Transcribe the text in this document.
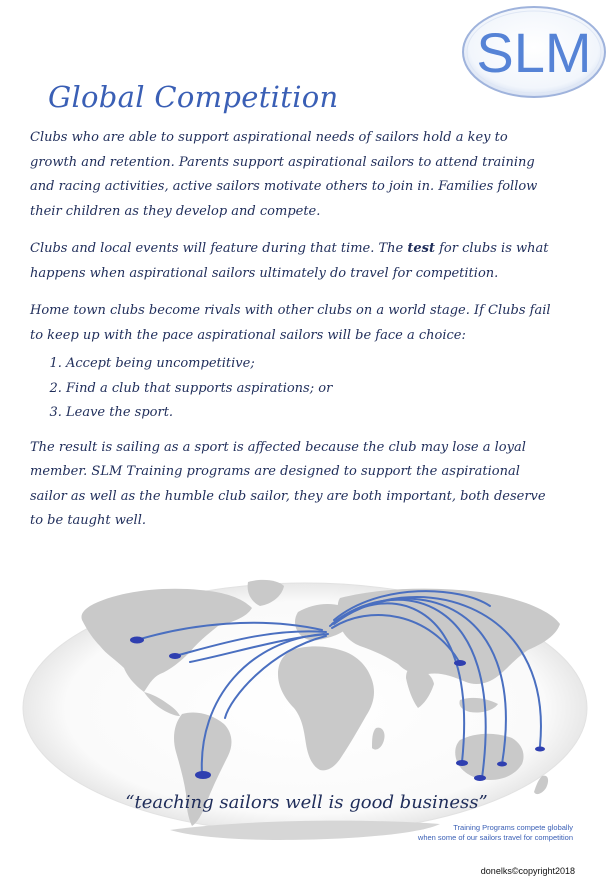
SLM
Global Competition

Clubs who are able to support aspirational needs of sailors hold a key to growth and retention. Parents support aspirational sailors to attend training and racing activities, active sailors motivate others to join in. Families follow their children as they develop and compete.

Clubs and local events will feature during that time. The test for clubs is what happens when aspirational sailors ultimately do travel for competition.

Home town clubs become rivals with other clubs on a world stage. If Clubs fail to keep up with the pace aspirational sailors will be face a choice:

1. Accept being uncompetitive;
2. Find a club that supports aspirations; or
3. Leave the sport.

The result is sailing as a sport is affected because the club may lose a loyal member. SLM Training programs are designed to support the aspirational sailor as well as the humble club sailor, they are both important, both deserve to be taught well.

“teaching sailors well is good business”

Training Programs compete globally
when some of our sailors travel for competition
donelks©copyright2018
